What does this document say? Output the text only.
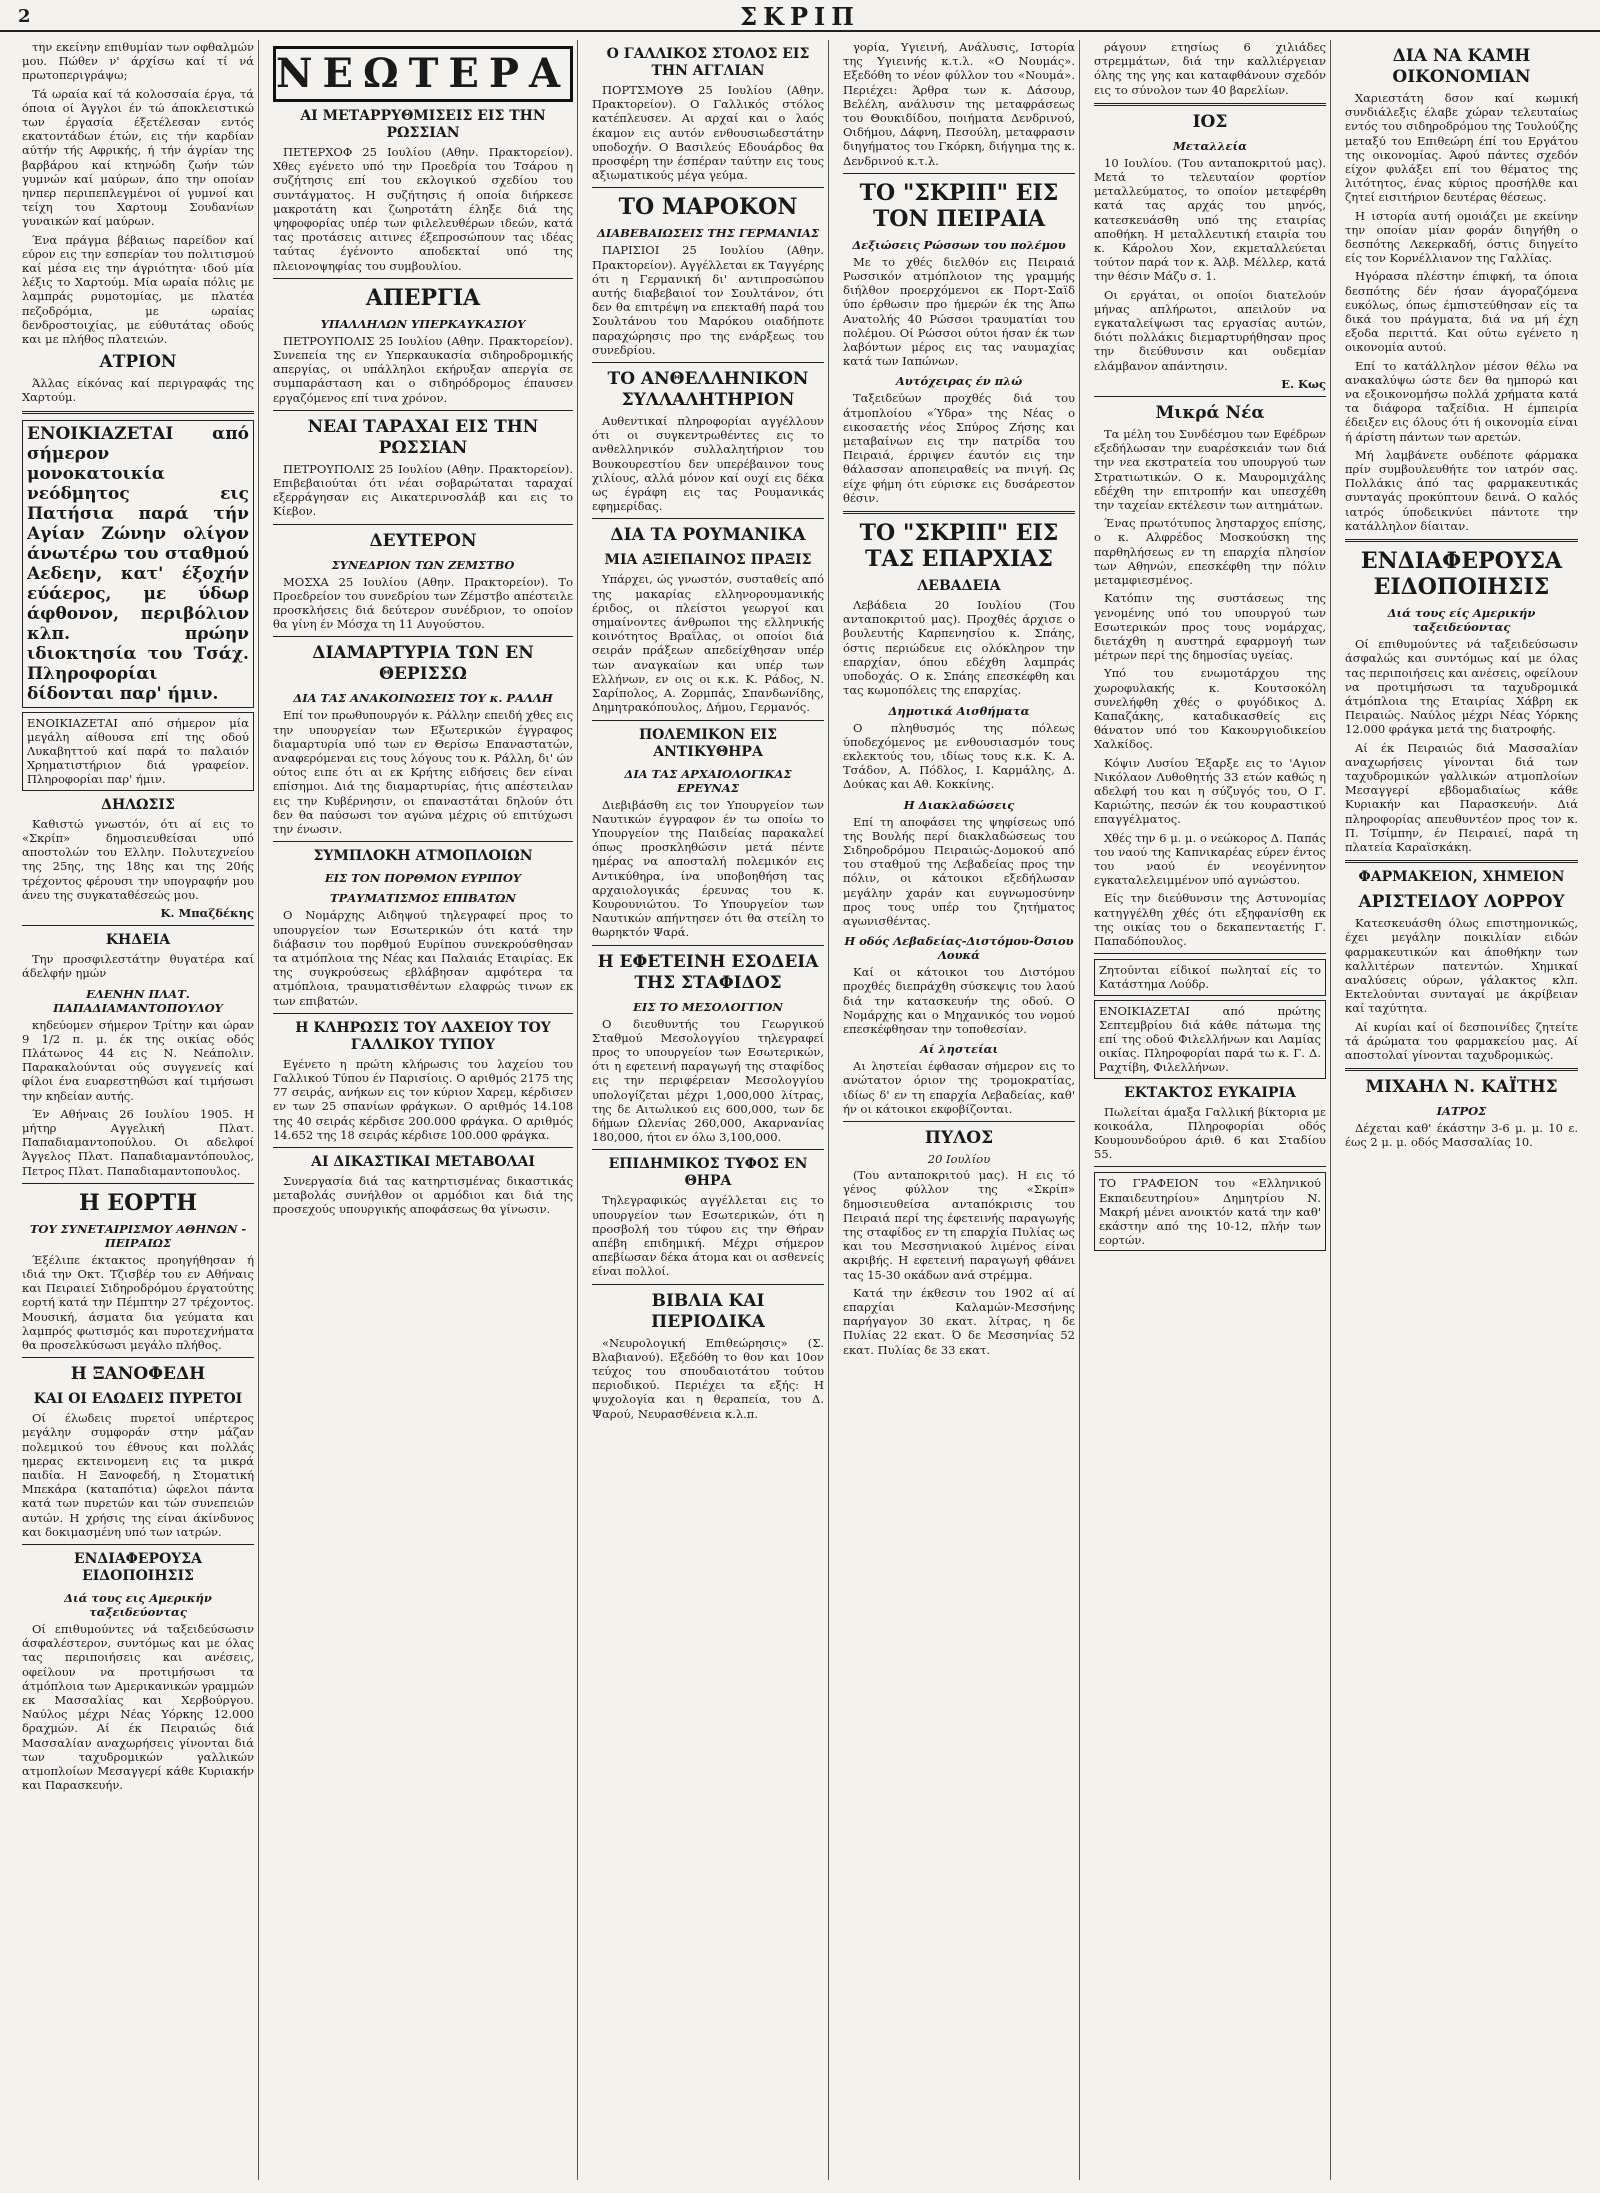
2	ΣΚΡΙΠ

την εκείνην επιθυμίαν των οφθαλμών μου. Πώθεν ν' άρχίσω καί τί νά πρωτοπεριγράψω;

Τά ωραία καί τά κολοσσαία έργα, τά όποια οί Άγγλοι έν τώ άποκλειστικώ των έργασία έξετέλεσαν εντός εκατοντάδων έτών, εις τήν καρδίαν αύτήν τής Αφρικής, ή τήν άγρίαν της βαρβάρου καί κτηνώδη ζωήν τών γυμνών καί μαύρων, άπο την οποίαν ηνπερ περιπεπλεγμένοι οί γυμνοί και τείχη του Χαρτουμ Σουδανίων γυναικών καί μαύρων.

Ένα πράγμα βέβαιως παρείδον καί εύρον εις την εσπερίαν του πολιτισμού καί μέσα εις την άγριότητα· ιδού μία λέξις το Χαρτούμ. Μία ωραία πόλις με λαμπράς ρυμοτομίας, με πλατέα πεζοδρόμια, με ωραίας δενδροστοιχίας, με εύθυτάτας οδούς και με πλήθος πλατειών.

ΑΤΡΙΟΝ

Άλλας είκόνας καί περιγραφάς της Χαρτούμ.

ΕΝΟΙΚΙΑΖΕΤΑΙ από σήμερον μονοκατοικία νεόδμητος εις Πατήσια παρά τήν Αγίαν Ζώνην ολίγον άνωτέρω του σταθμού Αεδεην, κατ' έξοχήν εύάερος, με ύδωρ άφθονον, περιβόλιον κλπ. πρώην ιδιοκτησία του Τσάχ. Πληροφορίαι δίδονται παρ' ήμιν.
ΕΝΟΙΚΙΑΖΕΤΑΙ από σήμερον μία μεγάλη αίθουσα επί της οδού Λυκαβηττού καί παρά το παλαιόν Χρηματιστήριον διά γραφείον. Πληροφορίαι παρ' ήμιν.
ΔΗΛΩΣΙΣ

Καθιστώ γνωστόν, ότι αί εις το «Σκρίπ» δημοσιευθείσαι υπό αποστολών του Ελλην. Πολυτεχνείου της 25ης, της 18ης και της 20ής τρέχοντος φέρουσι την υπογραφήν μου άνευ της συγκαταθέσεώς μου.

Κ. Μπαζδέκης
ΚΗΔΕΙΑ

Την προσφιλεστάτην θυγατέρα καί άδελφήν ημών

ΕΛΕΝΗΝ ΠΛΑΤ. ΠΑΠΑΔΙΑΜΑΝΤΟΠΟΥΛΟΥ

κηδεύομεν σήμερον Τρίτην και ώραν 9 1/2 π. μ. έκ της οικίας οδός Πλάτωνος 44 εις Ν. Νεάπολιν. Παρακαλούνται ούς συγγενείς καί φίλοι ένα ευαρεστηθώσι καί τιμήσωσι την κηδείαν αυτής.

Έν Αθήναις 26 Ιουλίου 1905. Η μήτηρ Αγγελική Πλατ. Παπαδιαμαντοπούλου. Οι αδελφοί Άγγελος Πλατ. Παπαδιαμαντόπουλος, Πετρος Πλατ. Παπαδιαμαντοπουλος.

Η ΕΟΡΤΗ
ΤΟΥ ΣΥΝΕΤΑΙΡΙΣΜΟΥ ΑΘΗΝΩΝ - ΠΕΙΡΑΙΩΣ

Έξέλιπε έκτακτος προηγήθησαν ή ιδιά την Οκτ. Τζισβέρ του εν Αθήναις και Πειραιεί Σιδηροδρόμου έργατούτης εορτή κατά την Πέμπτην 27 τρέχοντος. Μουσική, άσματα δια γεύματα και λαμπρός φωτισμός και πυροτεχνήματα θα προσελκύσωσι μεγάλο πλήθος.

Η ΞΑΝΟΦΕΔΗ
ΚΑΙ ΟΙ ΕΛΩΔΕΙΣ ΠΥΡΕΤΟΙ

Οί έλωδεις πυρετοί υπέρτερος μεγάλην συμφοράν στην μάζαν πολεμικού του έθνους και πολλάς ημερας εκτεινομενη εις τα μικρά παιδία. Η Ξανοφεδή, η Στοματική Μπεκάρα (καταπότια) ώφελοι πάντα κατά των πυρετών και τών συνεπειών αυτών. Η χρήσις της είναι άκίνδυνος και δοκιμασμένη υπό των ιατρών.

ΕΝΔΙΑΦΕΡΟΥΣΑ ΕΙΔΟΠΟΙΗΣΙΣ
Διά τους εις Αμερικήν ταξειδεύοντας

Οί επιθυμούντες νά ταξειδεύσωσιν άσφαλέστερον, συντόμως και με όλας τας περιποιήσεις και ανέσεις, οφείλουν να προτιμήσωσι τα άτμόπλοια των Αμερικανικών γραμμών εκ Μασσαλίας και Χερβούργου. Ναύλος μέχρι Νέας Υόρκης 12.000 δραχμών. Αί έκ Πειραιώς διά Μασσαλίαν αναχωρήσεις γίνονται διά των ταχυδρομικών γαλλικών ατμοπλοίων Μεσαγγερί κάθε Κυριακήν και Παρασκευήν.

ΝΕΩΤΕΡΑ
ΑΙ ΜΕΤΑΡΡΥΘΜΙΣΕΙΣ ΕΙΣ ΤΗΝ ΡΩΣΣΙΑΝ

ΠΕΤΕΡΧΟΦ 25 Ιουλίου (Αθην. Πρακτορείον). Χθες εγένετο υπό την Προεδρία του Τσάρου η συζήτησις επί του εκλογικού σχεδίου του συντάγματος. Η συζήτησις ή οποία διήρκεσε μακροτάτη και ζωηροτάτη έληξε διά της ψηφοφορίας υπέρ των φιλελευθέρων ιδεών, κατά τας προτάσεις αιτινες έξεπροσώπουν τας ιδέας ταύτας έγένοντο αποδεκταί υπό της πλειονοψηφίας του συμβουλίου.

ΑΠΕΡΓΙΑ
ΥΠΑΛΛΗΛΩΝ ΥΠΕΡΚΑΥΚΑΣΙΟΥ

ΠΕΤΡΟΥΠΟΛΙΣ 25 Ιουλίου (Αθην. Πρακτορείον). Συνεπεία της εν Υπερκαυκασία σιδηροδρομικής απεργίας, οι υπάλληλοι εκήρυξαν απεργία σε συμπαράσταση και ο σιδηρόδρομος έπαυσεν εργαζόμενος επί τινα χρόνον.

ΝΕΑΙ ΤΑΡΑΧΑΙ ΕΙΣ ΤΗΝ ΡΩΣΣΙΑΝ

ΠΕΤΡΟΥΠΟΛΙΣ 25 Ιουλίου (Αθην. Πρακτορείον). Επιβεβαιούται ότι νέαι σοβαρώταται ταραχαί εξερράγησαν εις Αικατερινοσλάβ και εις το Κίεβον.

ΔΕΥΤΕΡΟΝ
ΣΥΝΕΔΡΙΟΝ ΤΩΝ ΖΕΜΣΤΒΟ

ΜΟΣΧΑ 25 Ιουλίου (Αθην. Πρακτορείον). Το Προεδρείον του συνεδρίου των Ζέμστβο απέστειλε προσκλήσεις διά δεύτερον συνέδριον, το οποίον θα γίνη έν Μόσχα τη 11 Αυγούστου.

ΔΙΑΜΑΡΤΥΡΙΑ ΤΩΝ ΕΝ ΘΕΡΙΣΣΩ
ΔΙΑ ΤΑΣ ΑΝΑΚΟΙΝΩΣΕΙΣ ΤΟΥ κ. ΡΑΛΛΗ

Επί τον πρωθυπουργόν κ. Ράλλην επειδή χθες εις την υπουργείαν των Εξωτερικών έγγραφος διαμαρτυρία υπό των εν Θερίσω Επαναστατών, αναφερόμεναι εις τους λόγους του κ. Ράλλη, δι' ών ούτος ειπε ότι αι εκ Κρήτης ειδήσεις δεν είναι επίσημοι. Διά της διαμαρτυρίας, ήτις απέστειλαν εις την Κυβέρνησιν, οι επαναστάται δηλούν ότι δεν θα παύσωσι τον αγώνα μέχρις ού επιτύχωσι την ένωσιν.

ΣΥΜΠΛΟΚΗ ΑΤΜΟΠΛΟΙΩΝ
ΕΙΣ ΤΟΝ ΠΟΡΘΜΟΝ ΕΥΡΙΠΟΥ
ΤΡΑΥΜΑΤΙΣΜΟΣ ΕΠΙΒΑΤΩΝ

Ο Νομάρχης Αιδηψού τηλεγραφεί προς το υπουργείον των Εσωτερικών ότι κατά την διάβασιν του πορθμού Ευρίπου συνεκρούσθησαν τα ατμόπλοια της Νέας και Παλαιάς Εταιρίας. Εκ της συγκρούσεως εβλάβησαν αμφότερα τα ατμόπλοια, τραυματισθέντων ελαφρώς τινων εκ των επιβατών.

Η ΚΛΗΡΩΣΙΣ ΤΟΥ ΛΑΧΕΙΟΥ ΤΟΥ ΓΑΛΛΙΚΟΥ ΤΥΠΟΥ

Εγένετο η πρώτη κλήρωσις του λαχείου του Γαλλικού Τύπου έν Παρισίοις. Ο αριθμός 2175 της 77 σειράς, ανήκων εις τον κύριον Χαρεμ, κέρδισεν εν των 25 σπανίων φράγκων. Ο αριθμός 14.108 της 40 σειράς κέρδισε 200.000 φράγκα. Ο αριθμός 14.652 της 18 σειράς κέρδισε 100.000 φράγκα.

ΑΙ ΔΙΚΑΣΤΙΚΑΙ ΜΕΤΑΒΟΛΑΙ

Συνεργασία διά τας κατηρτισμένας δικαστικάς μεταβολάς συνήλθον οι αρμόδιοι και διά της προσεχούς υπουργικής αποφάσεως θα γίνωσιν.

Ο ΓΑΛΛΙΚΟΣ ΣΤΟΛΟΣ ΕΙΣ ΤΗΝ ΑΓΓΛΙΑΝ

ΠΟΡΤΣΜΟΥΘ 25 Ιουλίου (Αθην. Πρακτορείον). Ο Γαλλικός στόλος κατέπλευσεν. Αι αρχαί και ο λαός έκαμον εις αυτόν ενθουσιωδεστάτην υποδοχήν. Ο Βασιλεύς Εδουάρδος θα προσφέρη την έσπέραν ταύτην εις τους αξιωματικούς μέγα γεύμα.

ΤΟ ΜΑΡΟΚΟΝ
ΔΙΑΒΕΒΑΙΩΣΕΙΣ ΤΗΣ ΓΕΡΜΑΝΙΑΣ

ΠΑΡΙΣΙΟΙ 25 Ιουλίου (Αθην. Πρακτορείον). Αγγέλλεται εκ Ταγγέρης ότι η Γερμανική δι' αντιπροσώπου αυτής διαβεβαιοί τον Σουλτάνον, ότι δεν θα επιτρέψη να επεκταθή παρά του Σουλτάνου του Μαρόκου οιαδήποτε παραχώρησις προ της ενάρξεως του συνεδρίου.

ΤΟ ΑΝΘΕΛΛΗΝΙΚΟΝ ΣΥΛΛΑΛΗΤΗΡΙΟΝ

Αυθεντικαί πληροφορίαι αγγέλλουν ότι οι συγκεντρωθέντες εις το ανθελληνικόν συλλαλητήριον του Βουκουρεστίου δεν υπερέβαινον τους χιλίους, αλλά μόνον καί ουχί εις δέκα ως έγράφη εις τας Ρουμανικάς εφημερίδας.

ΔΙΑ ΤΑ ΡΟΥΜΑΝΙΚΑ
ΜΙΑ ΑΞΙΕΠΑΙΝΟΣ ΠΡΑΞΙΣ

Υπάρχει, ώς γνωστόν, συσταθείς από της μακαρίας ελληνορουμανικής έριδος, οι πλείστοι γεωργοί και σημαίνοντες άνθρωποι της ελληνικής κοινότητος Βραΐλας, οι οποίοι διά σειράν πράξεων απεδείχθησαν υπέρ των αναγκαίων και υπέρ των Ελλήνων, εν οις οι κ.κ. Κ. Ράδος, Ν. Σαρίπολος, Α. Ζορμπάς, Σπανδωνίδης, Δημητρακόπουλος, Δήμου, Γερμανός.

ΠΟΛΕΜΙΚΟΝ ΕΙΣ ΑΝΤΙΚΥΘΗΡΑ
ΔΙΑ ΤΑΣ ΑΡΧΑΙΟΛΟΓΙΚΑΣ ΕΡΕΥΝΑΣ

Διεβιβάσθη εις τον Υπουργείον των Ναυτικών έγγραφον έν τω οποίω το Υπουργείον της Παιδείας παρακαλεί όπως προσκληθώσιν μετά πέντε ημέρας να αποσταλή πολεμικόν εις Αντικύθηρα, ίνα υποβοηθήση τας αρχαιολογικάς έρευνας του κ. Κουρουνιώτου. Το Υπουργείον των Ναυτικών απήντησεν ότι θα στείλη το θωρηκτόν Ψαρά.

Η ΕΦΕΤΕΙΝΗ ΕΣΟΔΕΙΑ ΤΗΣ ΣΤΑΦΙΔΟΣ
ΕΙΣ ΤΟ ΜΕΣΟΛΟΓΓΙΟΝ

Ο διευθυντής του Γεωργικού Σταθμού Μεσολογγίου τηλεγραφεί προς το υπουργείον των Εσωτερικών, ότι η εφετεινή παραγωγή της σταφίδος εις την περιφέρειαν Μεσολογγίου υπολογίζεται μέχρι 1,000,000 λίτρας, της δε Αιτωλικού εις 600,000, των δε δήμων Ωλενίας 260,000, Ακαρνανίας 180,000, ήτοι εν όλω 3,100,000.

ΕΠΙΔΗΜΙΚΟΣ ΤΥΦΟΣ ΕΝ ΘΗΡΑ

Τηλεγραφικώς αγγέλλεται εις το υπουργείον των Εσωτερικών, ότι η προσβολή του τύφου εις την Θήραν απέβη επιδημική. Μέχρι σήμερον απεβίωσαν δέκα άτομα και οι ασθενείς είναι πολλοί.

ΒΙΒΛΙΑ ΚΑΙ ΠΕΡΙΟΔΙΚΑ

«Νευρολογική Επιθεώρησις» (Σ. Βλαβιανού). Εξεδόθη το θον και 10ον τεύχος του σπουδαιοτάτου τούτου περιοδικού. Περιέχει τα εξής: Η ψυχολογία και η θεραπεία, του Δ. Ψαρού, Νευρασθένεια κ.λ.π.

γορία, Υγιεινή, Ανάλυσις, Ιστορία της Υγιεινής κ.τ.λ. «Ο Νουμάς». Εξεδόθη το νέον φύλλον του «Νουμά». Περιέχει: Άρθρα των κ. Δάσουρ, Βελέλη, ανάλυσιν της μεταφράσεως του Θουκιδίδου, ποιήματα Δενδρινού, Οιδήμου, Δάφνη, Πεσούλη, μεταφρασιν διηγήματος του Γκόρκη, διήγημα της κ. Δενδρινού κ.τ.λ.

ΤΟ "ΣΚΡΙΠ" ΕΙΣ ΤΟΝ ΠΕΙΡΑΙΑ
Δεξιώσεις Ρώσσων του πολέμου

Με το χθές διελθόν εις Πειραιά Ρωσσικόν ατμόπλοιον της γραμμής διήλθον προερχόμενοι εκ Πορτ-Σαϊδ ύπο έρθωσιν προ ήμερών έκ της Άπω Ανατολής 40 Ρώσσοι τραυματίαι του πολέμου. Οί Ρώσσοι ούτοι ήσαν έκ των λαβόντων μέρος εις τας ναυμαχίας κατά των Ιαπώνων.

Αυτόχειρας έν πλώ

Ταξειδεύων προχθές διά του άτμοπλοίου «Ύδρα» της Νέας ο εικοσαετής νέος Σπύρος Ζήσης και μεταβαίνων εις την πατρίδα του Πειραιά, έρριψεν έαυτόν εις την θάλασσαν αποπειραθείς να πνιγή. Ως είχε φήμη ότι εύρισκε εις δυσάρεστον θέσιν.

ΤΟ "ΣΚΡΙΠ" ΕΙΣ ΤΑΣ ΕΠΑΡΧΙΑΣ
ΛΕΒΑΔΕΙΑ

Λεβάδεια 20 Ιουλίου (Του ανταποκριτού μας). Προχθές άρχισε ο βουλευτής Καρπενησίου κ. Σπάης, όστις περιώδευε εις ολόκληρον την επαρχίαν, όπου εδέχθη λαμπράς υποδοχάς. Ο κ. Σπάης επεσκέφθη και τας κωμοπόλεις της επαρχίας.

Δημοτικά Αισθήματα

Ο πληθυσμός της πόλεως ύποδεχόμενος με ενθουσιασμόν τους εκλεκτούς του, ιδίως τους κ.κ. Κ. Α. Τσάδον, Α. Πόδλος, Ι. Καρμάλης, Δ. Δούκας και Αθ. Κοκκίνης.

Η Διακλαδώσεις

Επί τη αποφάσει της ψηφίσεως υπό της Βουλής περί διακλαδώσεως του Σιδηροδρόμου Πειραιώς-Δομοκού από του σταθμού της Λεβαδείας προς την πόλιν, οι κάτοικοι εξεδήλωσαν μεγάλην χαράν και ευγνωμοσύνην προς τους υπέρ του ζητήματος αγωνισθέντας.

Η οδός Λεβαδείας-Διστόμου-Όσιου Λουκά

Καί οι κάτοικοι του Διστόμου προχθές διεπράχθη σύσκεψις του λαού διά την κατασκευήν της οδού. Ο Νομάρχης και ο Μηχανικός του νομού επεσκέφθησαν την τοποθεσίαν.

Αί ληστείαι

Αι ληστείαι έφθασαν σήμερον εις το ανώτατον όριον της τρομοκρατίας, ιδίως δ' εν τη επαρχία Λεβαδείας, καθ' ήν οι κάτοικοι εκφοβίζονται.

ΠΥΛΟΣ
20 Ιουλίου

(Του ανταποκριτού μας). Η εις τό γένος φύλλον της «Σκρίπ» δημοσιευθείσα ανταπόκρισις του Πειραιά περί της έφετεινής παραγωγής της σταφίδος εν τη επαρχία Πυλίας ως και του Μεσσηνιακού λιμένος είναι ακριβής. Η εφετεινή παραγωγή φθάνει τας 15-30 οκάδων ανά στρέμμα.

Κατά την έκθεσιν του 1902 αί αί επαρχίαι Καλαμών-Μεσσήνης παρήγαγον 30 εκατ. λίτρας, η δε Πυλίας 22 εκατ. Ό δε Μεσσηνίας 52 εκατ. Πυλίας δε 33 εκατ.

ράγουν ετησίως 6 χιλιάδες στρεμμάτων, διά την καλλιέργειαν όλης της γης και καταφθάνουν σχεδόν εις το σύνολον των 40 βαρελίων.

ΙΟΣ
Μεταλλεία

10 Ιουλίου. (Του ανταποκριτού μας). Μετά το τελευταίον φορτίον μεταλλεύματος, το οποίον μετεφέρθη κατά τας αρχάς του μηνός, κατεσκευάσθη υπό της εταιρίας αποθήκη. Η μεταλλευτική εταιρία του κ. Κάρολου Χον, εκμεταλλεύεται τούτον παρά τον κ. Άλβ. Μέλλερ, κατά την θέσιν Μάζυ σ. 1.

Οι εργάται, οι οποίοι διατελούν μήνας απλήρωτοι, απειλούν να εγκαταλείψωσι τας εργασίας αυτών, διότι πολλάκις διεμαρτυρήθησαν προς την διεύθυνσιν και ουδεμίαν ελάμβανον απάντησιν.

Ε. Κως
Μικρά Νέα

Τα μέλη του Συνδέσμου των Εφέδρων εξεδήλωσαν την ευαρέσκειάν των διά την νεα εκστρατεία του υπουργού των Στρατιωτικών. Ο κ. Μαυρομιχάλης εδέχθη την επιτροπήν και υπεσχέθη την ταχείαν εκτέλεσιν των αιτημάτων.

Ένας πρωτότυπος λησταρχος επίσης, ο κ. Αλφρέδος Μοσκούσκη της παρθηλήσεως εν τη επαρχία πλησίον των Αθηνών, επεσκέφθη την πόλιν μεταμφιεσμένος.

Κατόπιν της συστάσεως της γενομένης υπό του υπουργού των Εσωτερικών προς τους νομάρχας, διετάχθη η αυστηρά εφαρμογή των μέτρων περί της δημοσίας υγείας.

Υπό του ενωμοτάρχου της χωροφυλακής κ. Κουτσοκόλη συνελήφθη χθές ο φυγόδικος Δ. Καπαζάκης, καταδικασθείς εις θάνατον υπό του Κακουργιοδικείου Χαλκίδος.

Κόψιν Λυσίου Έξαρξε εις το 'Αγιον Νικόλαον Λυθοθητής 33 ετών καθώς η αδελφή του και η σύζυγός του, Ο Γ. Καριώτης, πεσών έκ του κουραστικού επαγγέλματος.

Χθές την 6 μ. μ. ο νεώκορος Δ. Παπάς του ναού της Καπνικαρέας εύρεν έντος του ναού έν νεογέννητον εγκαταλελειμμένον υπό αγνώστου.

Είς την διεύθυνσιν της Αστυνομίας κατηγγέλθη χθές ότι εξηφανίσθη εκ της οικίας του ο δεκαπενταετής Γ. Παπαδόπουλος.

Ζητούνται είδικοί πωληταί είς το Κατάστημα Λούδρ.
ΕΝΟΙΚΙΑΖΕΤΑΙ από πρώτης Σεπτεμβρίου διά κάθε πάτωμα της επί της οδού Φιλελλήνων και Λαμίας οικίας. Πληροφορίαι παρά τω κ. Γ. Δ. Ραχτίβη, Φιλελλήνων.
ΕΚΤΑΚΤΟΣ ΕΥΚΑΙΡΙΑ

Πωλείται άμαξα Γαλλική βίκτορια με κοικοάλα, Πληροφορίαι οδός Κουμουνδούρου άριθ. 6 και Σταδίου 55.

ΤΟ ΓΡΑΦΕΙΟΝ του «Ελληνικού Εκπαιδευτηρίου» Δημητρίου Ν. Μακρή μένει ανοικτόν κατά την καθ' εκάστην από της 10-12, πλήν των εορτών.
ΔΙΑ ΝΑ ΚΑΜΗ ΟΙΚΟΝΟΜΙΑΝ

Χαριεστάτη δσον καί κωμική συνδιάλεξις έλαβε χώραν τελευταίως εντός του σιδηροδρόμου της Τουλούζης μεταξύ του Επιθεώρη έπί του Εργάτου της οικονομίας. Άφού πάντες σχεδόν είχον φυλάξει επί του θέματος της λιτότητος, ένας κύριος προσήλθε και ζητεί εισιτήριον δευτέρας θέσεως.

Η ιστορία αυτή ομοιάζει με εκείνην την οποίαν μίαν φοράν διηγήθη ο δεσπότης Λεκερκαδή, όστις διηγείτο είς τον Κορνέλλιανον της Γαλλίας.

Ηγόρασα πλέστην έπιφκή, τα όποια δεσπότης δέν ήσαν άγοραζόμενα ευκόλως, όπως έμπιστεύθησαν είς τα δικά του πράγματα, διά να μή έχη εξοδα περιττά. Και ούτω εγένετο η οικονομία αυτού.

Επί το κατάλληλον μέσον θέλω να ανακαλύψω ώστε δεν θα ημπορώ και να εξοικονομήσω πολλά χρήματα κατά τα διάφορα ταξείδια. Η έμπειρία έδειξεν εις όλους ότι ή οικονομία είναι ή άρίστη πάντων των αρετών.

Μή λαμβάνετε ουδέποτε φάρμακα πρίν συμβουλευθήτε τον ιατρόν σας. Πολλάκις άπό τας φαρμακευτικάς συνταγάς προκύπτουν δεινά. Ο καλός ιατρός ύποδεικνύει πάντοτε την κατάλληλον δίαιταν.

ΕΝΔΙΑΦΕΡΟΥΣΑ ΕΙΔΟΠΟΙΗΣΙΣ
Διά τους είς Αμερικήν ταξειδεύοντας

Οί επιθυμούντες νά ταξειδεύσωσιν άσφαλώς και συντόμως καί με όλας τας περιποιήσεις και ανέσεις, οφείλουν να προτιμήσωσι τα ταχυδρομικά άτμόπλοια της Εταιρίας Χάβρη εκ Πειραιώς. Ναύλος μέχρι Νέας Υόρκης 12.000 φράγκα μετά της διατροφής.

Αί έκ Πειραιώς διά Μασσαλίαν αναχωρήσεις γίνονται διά των ταχυδρομικών γαλλικών ατμοπλοίων Μεσαγγερί εβδομαδιαίως κάθε Κυριακήν και Παρασκευήν. Διά πληροφορίας απευθυντέον προς τον κ. Π. Τσίμπην, έν Πειραιεί, παρά τη πλατεία Καραϊσκάκη.

ΦΑΡΜΑΚΕΙΟΝ, ΧΗΜΕΙΟΝ
ΑΡΙΣΤΕΙΔΟΥ ΛΟΡΡΟΥ

Κατεσκευάσθη όλως επιστημονικώς, έχει μεγάλην ποικιλίαν ειδών φαρμακευτικών και άποθήκην των καλλιτέρων πατεντών. Χημικαί αναλύσεις ούρων, γάλακτος κλπ. Εκτελούνται συνταγαί με άκρίβειαν καί ταχύτητα.

Αί κυρίαι καί οί δεσποινίδες ζητείτε τά άρώματα του φαρμακείου μας. Αί αποστολαί γίνονται ταχυδρομικώς.

ΜΙΧΑΗΛ Ν. ΚΑΪΤΗΣ
ΙΑΤΡΟΣ

Δέχεται καθ' έκάστην 3-6 μ. μ. 10 ε. έως 2 μ. μ. οδός Μασσαλίας 10.
